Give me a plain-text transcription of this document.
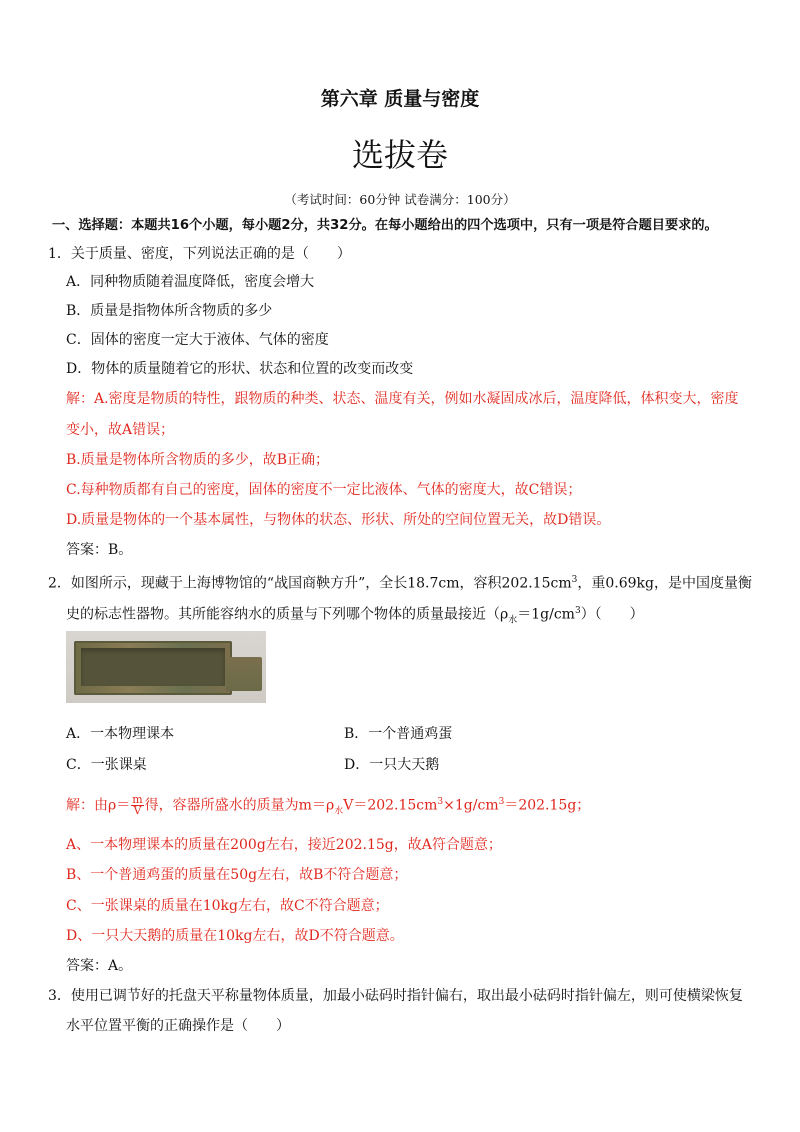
第六章 质量与密度
选拔卷
（考试时间：60分钟 试卷满分：100分）
一、选择题：本题共16个小题，每小题2分，共32分。在每小题给出的四个选项中，只有一项是符合题目要求的。
1．关于质量、密度，下列说法正确的是（　　）
A．同种物质随着温度降低，密度会增大
B．质量是指物体所含物质的多少
C．固体的密度一定大于液体、气体的密度
D．物体的质量随着它的形状、状态和位置的改变而改变
解：A.密度是物质的特性，跟物质的种类、状态、温度有关，例如水凝固成冰后，温度降低，体积变大，密度
变小，故A错误；
B.质量是物体所含物质的多少，故B正确；
C.每种物质都有自己的密度，固体的密度不一定比液体、气体的密度大，故C错误；
D.质量是物体的一个基本属性，与物体的状态、形状、所处的空间位置无关，故D错误。
答案：B。
2．如图所示，现藏于上海博物馆的“战国商鞅方升”，全长18.7cm，容积$202.15cm^3$，重0.69kg，是中国度量衡
史的标志性器物。其所能容纳水的质量与下列哪个物体的质量最接近$(\rho_水=1g/cm^3)$（　　）
A．一本物理课本	B．一个普通鸡蛋
C．一张课桌	D．一只大天鹅
解：由$\rho= \frac{m}{V}$ 得，容器所盛水的质量为$m=\rho_水V=202.15cm^3\times 1g/cm^3=202.15g$；
A、一本物理课本的质量在200g左右，接近202.15g，故A符合题意；
B、一个普通鸡蛋的质量在50g左右，故B不符合题意；
C、一张课桌的质量在10kg左右，故C不符合题意；
D、一只大天鹅的质量在10kg左右，故D不符合题意。
答案：A。
3．使用已调节好的托盘天平称量物体质量，加最小砝码时指针偏右，取出最小砝码时指针偏左，则可使横梁恢复
水平位置平衡的正确操作是（　　）
